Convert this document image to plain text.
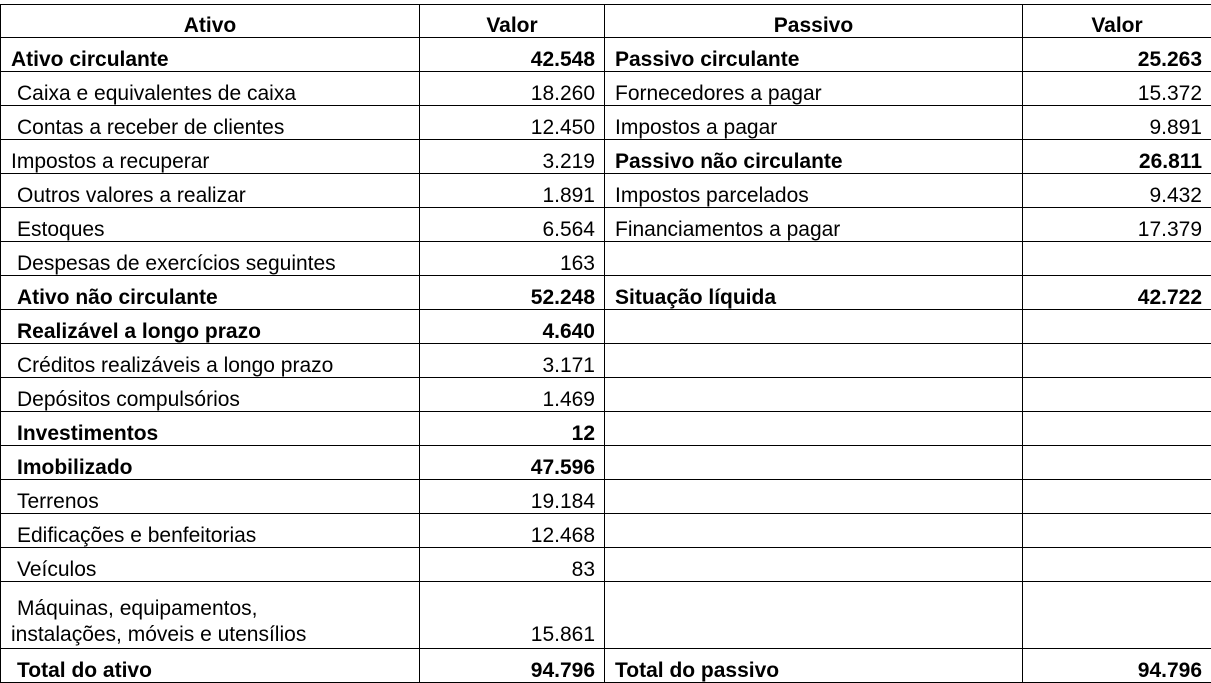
Ativo	Valor	Passivo	Valor
Ativo circulante	42.548	Passivo circulante	25.263
Caixa e equivalentes de caixa	18.260	Fornecedores a pagar	15.372
Contas a receber de clientes	12.450	Impostos a pagar	9.891
Impostos a recuperar	3.219	Passivo não circulante	26.811
Outros valores a realizar	1.891	Impostos parcelados	9.432
Estoques	6.564	Financiamentos a pagar	17.379
Despesas de exercícios seguintes	163		
Ativo não circulante	52.248	Situação líquida	42.722
Realizável a longo prazo	4.640		
Créditos realizáveis a longo prazo	3.171		
Depósitos compulsórios	1.469		
Investimentos	12		
Imobilizado	47.596		
Terrenos	19.184		
Edificações e benfeitorias	12.468		
Veículos	83		

Máquinas, equipamentos,
instalações, móveis e utensílios	15.861		
Total do ativo	94.796	Total do passivo	94.796
